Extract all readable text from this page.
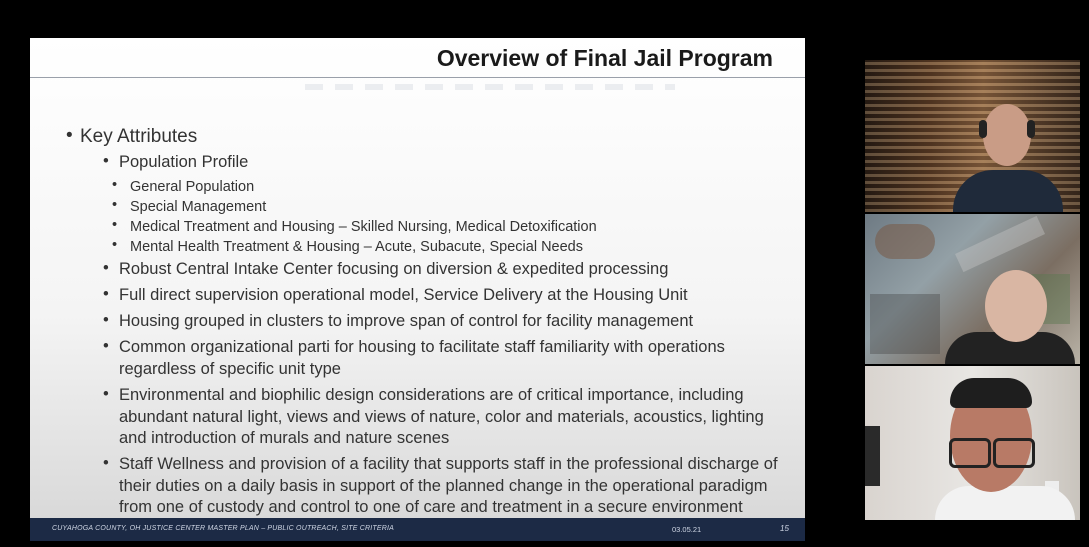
Overview of Final Jail Program
• Key Attributes
• Population Profile
• General Population
• Special Management
• Medical Treatment and Housing – Skilled Nursing, Medical Detoxification
• Mental Health Treatment & Housing – Acute, Subacute, Special Needs
• Robust Central Intake Center focusing on diversion & expedited processing
• Full direct supervision operational model, Service Delivery at the Housing Unit
• Housing grouped in clusters to improve span of control for facility management
• Common organizational parti for housing to facilitate staff familiarity with operations regardless of specific unit type
• Environmental and biophilic design considerations are of critical importance, including abundant natural light, views and views of nature, color and materials, acoustics, lighting and introduction of murals and nature scenes
• Staff Wellness and provision of a facility that supports staff in the professional discharge of their duties on a daily basis in support of the planned change in the operational paradigm from one of custody and control to one of care and treatment in a secure environment
CUYAHOGA COUNTY, OH JUSTICE CENTER MASTER PLAN – PUBLIC OUTREACH, SITE CRITERIA	03.05.21	15
